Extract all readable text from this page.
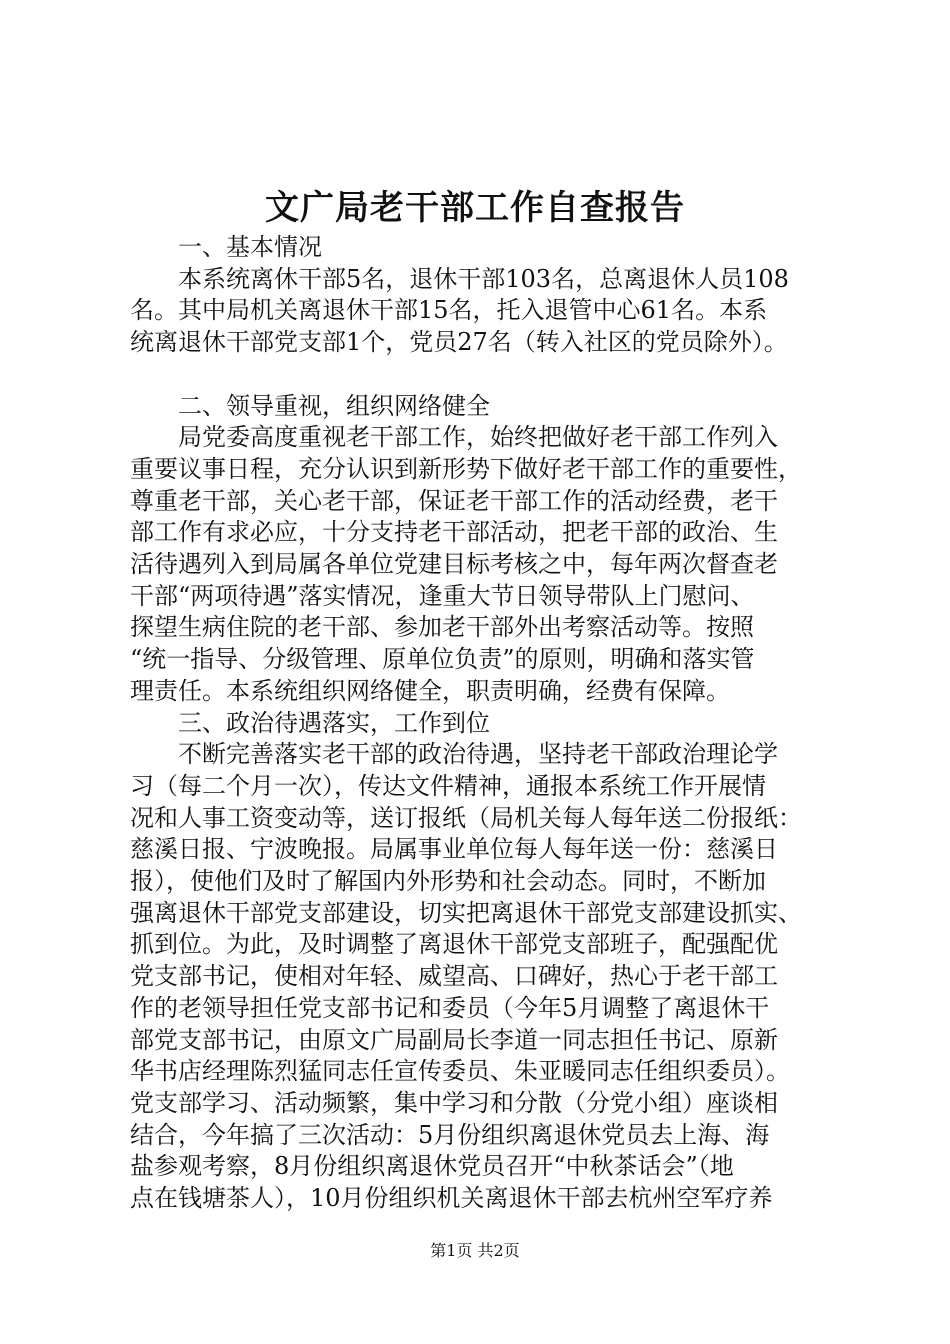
文广局老干部工作自查报告

一、基本情况

　　本系统离休干部5名，退休干部103名，总离退休人员108
名。其中局机关离退休干部15名，托入退管中心61名。本系
统离退休干部党支部1个，党员27名（转入社区的党员除外）。

二、领导重视，组织网络健全

　　局党委高度重视老干部工作，始终把做好老干部工作列入
重要议事日程，充分认识到新形势下做好老干部工作的重要性，
尊重老干部，关心老干部，保证老干部工作的活动经费，老干
部工作有求必应，十分支持老干部活动，把老干部的政治、生
活待遇列入到局属各单位党建目标考核之中，每年两次督查老
干部“两项待遇”落实情况，逢重大节日领导带队上门慰问、
探望生病住院的老干部、参加老干部外出考察活动等。按照
“统一指导、分级管理、原单位负责”的原则，明确和落实管
理责任。本系统组织网络健全，职责明确，经费有保障。

三、政治待遇落实，工作到位

　　不断完善落实老干部的政治待遇，坚持老干部政治理论学
习（每二个月一次），传达文件精神，通报本系统工作开展情
况和人事工资变动等，送订报纸（局机关每人每年送二份报纸：
慈溪日报、宁波晚报。局属事业单位每人每年送一份：慈溪日
报），使他们及时了解国内外形势和社会动态。同时，不断加
强离退休干部党支部建设，切实把离退休干部党支部建设抓实、
抓到位。为此，及时调整了离退休干部党支部班子，配强配优
党支部书记，使相对年轻、威望高、口碑好，热心于老干部工
作的老领导担任党支部书记和委员（今年5月调整了离退休干
部党支部书记，由原文广局副局长李道一同志担任书记、原新
华书店经理陈烈猛同志任宣传委员、朱亚暖同志任组织委员）。
党支部学习、活动频繁，集中学习和分散（分党小组）座谈相
结合，今年搞了三次活动：5月份组织离退休党员去上海、海
盐参观考察，8月份组织离退休党员召开“中秋茶话会”（地
点在钱塘茶人），10月份组织机关离退休干部去杭州空军疗养

第1页 共2页
